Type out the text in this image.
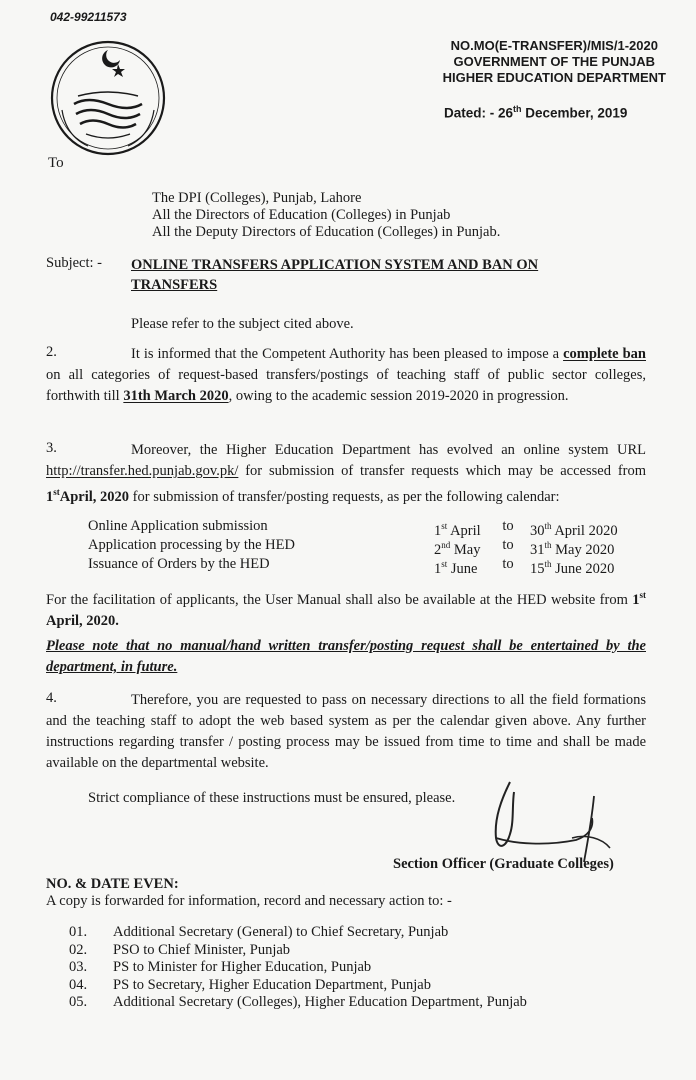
042-99211573
NO.MO(E-TRANSFER)/MIS/1-2020
GOVERNMENT OF THE PUNJAB
HIGHER EDUCATION DEPARTMENT
Dated: - 26th December, 2019
To
The DPI (Colleges), Punjab, Lahore
All the Directors of Education (Colleges) in Punjab
All the Deputy Directors of Education (Colleges) in Punjab.
Subject: - ONLINE TRANSFERS APPLICATION SYSTEM AND BAN ON TRANSFERS
Please refer to the subject cited above.
2.	It is informed that the Competent Authority has been pleased to impose a complete ban on all categories of request-based transfers/postings of teaching staff of public sector colleges, forthwith till 31th March 2020, owing to the academic session 2019-2020 in progression.
3.	Moreover, the Higher Education Department has evolved an online system URL http://transfer.hed.punjab.gov.pk/ for submission of transfer requests which may be accessed from 1stApril, 2020 for submission of transfer/posting requests, as per the following calendar:
Online Application submission	1st April	to	30th April 2020
Application processing by the HED	2nd May	to	31th May 2020
Issuance of Orders by the HED	1st June	to	15th June 2020
For the facilitation of applicants, the User Manual shall also be available at the HED website from 1st April, 2020.
Please note that no manual/hand written transfer/posting request shall be entertained by the department, in future.
4.	Therefore, you are requested to pass on necessary directions to all the field formations and the teaching staff to adopt the web based system as per the calendar given above. Any further instructions regarding transfer / posting process may be issued from time to time and shall be made available on the departmental website.
Strict compliance of these instructions must be ensured, please.
Section Officer (Graduate Colleges)
NO. & DATE EVEN:
A copy is forwarded for information, record and necessary action to: -
01.	Additional Secretary (General) to Chief Secretary, Punjab
02.	PSO to Chief Minister, Punjab
03.	PS to Minister for Higher Education, Punjab
04.	PS to Secretary, Higher Education Department, Punjab
05.	Additional Secretary (Colleges), Higher Education Department, Punjab
